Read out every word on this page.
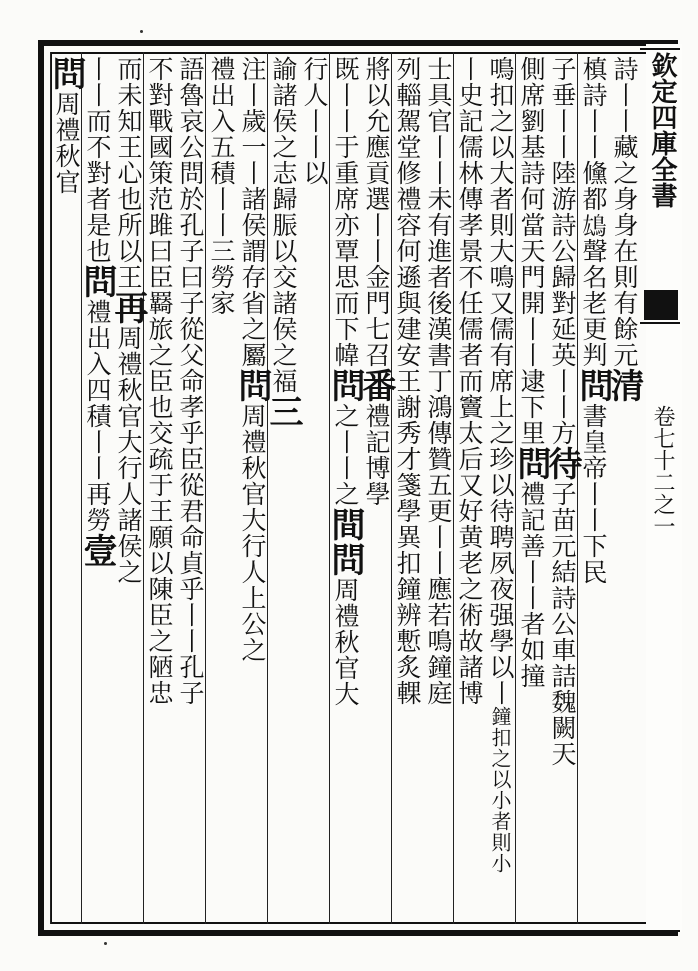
詩丨丨藏之身身在則有餘元清
槙詩丨丨儵都𩿅聲名老更判問書皇帝丨丨下民
子垂丨丨陸游詩公歸對延英丨丨方待子苗元結詩公車詰魏闕天
側席劉基詩何當天門開丨丨逮下里問禮記善丨丨者如撞
鳴扣之以大者則大鳴又儒有席上之珍以待聘夙夜强學以丨鐘扣之以小者則小
丨史記儒林傳孝景不任儒者而竇太后又好黄老之術故諸博
士具官丨丨未有進者後漢書丁鴻傳贊五更丨丨應若鳴鐘庭
列輜駕堂修禮容何遜與建安王謝秀才箋學異扣鐘辨慙炙輠
將以允應貢選丨丨金門七召番禮記博學
既丨丨于重席亦覃思而下幃問之丨丨之間問周禮秋官大
行人丨丨以
諭諸侯之志歸脤以交諸侯之福三
注丨歲一丨諸侯謂存省之屬問周禮秋官大行人上公之
禮出入五積丨丨三勞家
語魯哀公問於孔子曰子從父命孝乎臣從君命貞乎丨丨孔子
不對戰國策范雎曰臣羇旅之臣也交疏于王願以陳臣之陋忠
而未知王心也所以王再周禮秋官大行人諸侯之
丨丨而不對者是也問禮出入四積丨丨再勞壹
問周禮秋官	欽定四庫全書
卷七十二之一
